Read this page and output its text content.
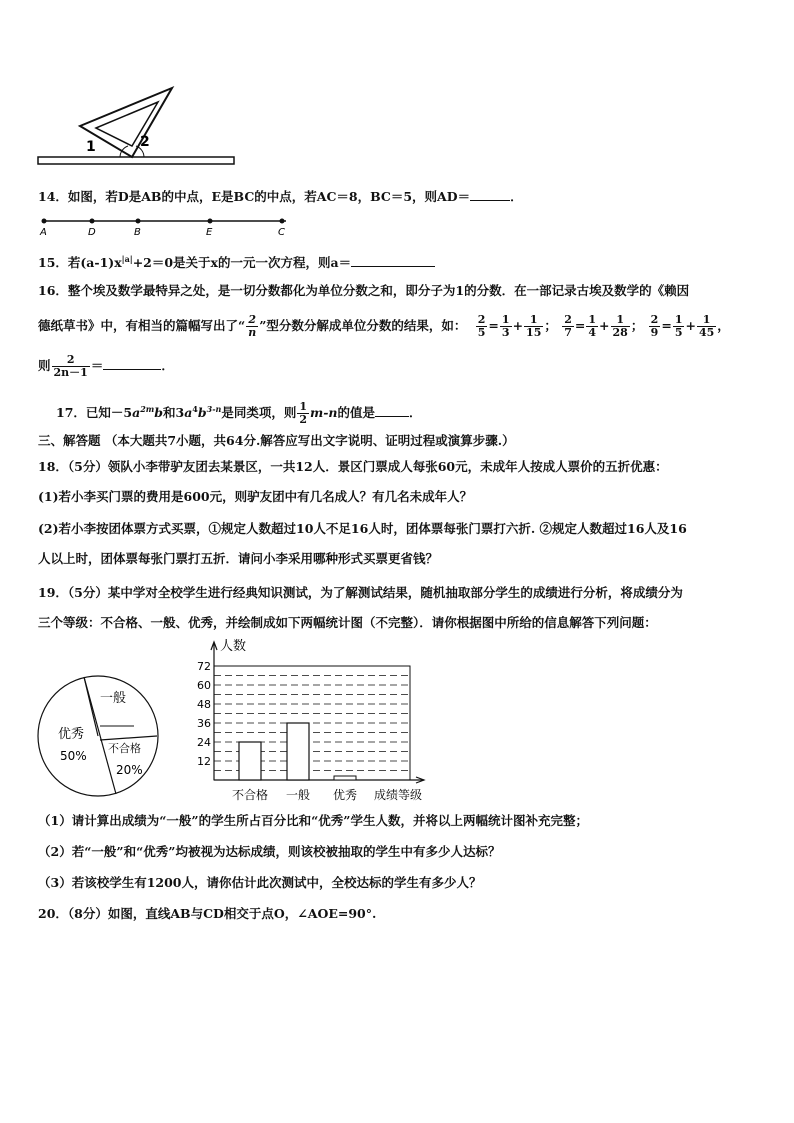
1	2
14．如图，若D是AB的中点，E是BC的中点，若AC＝8，BC＝5，则AD＝	．
A	D	B	E	C
15．若$(a-1)x^{|a|}+2=0$是关于x的一元一次方程，则a＝
16．整个埃及数学最特异之处，是一切分数都化为单位分数之和，即分子为1的分数．在一部记录古埃及数学的《赖因
德纸草书》中，有相当的篇幅写出了“ $\frac{2}{n}$ ”型分数分解成单位分数的结果，如： $\frac{2}{5} = \frac{1}{3} + \frac{1}{15}$ ； $\frac{2}{7} = \frac{1}{4} + \frac{1}{28}$ ； $\frac{2}{9} = \frac{1}{5} + \frac{1}{45}$ ，
则 $\frac{2}{2n-1}$ ＝	．
17．已知$-5a^{2m}b$和$3a^4b^{3-n}$是同类项，则 $\frac{1}{2} m-n$的值是	．
三、解答题 （本大题共7小题，共64分.解答应写出文字说明、证明过程或演算步骤.）
18．（5分）领队小李带驴友团去某景区，一共12人．景区门票成人每张60元，未成年人按成人票价的五折优惠：
(1)若小李买门票的费用是600元，则驴友团中有几名成人？有几名未成年人？
(2)若小李按团体票方式买票，①规定人数超过10人不足16人时，团体票每张门票打六折. ②规定人数超过16人及16
人以上时，团体票每张门票打五折．请问小李采用哪种形式买票更省钱？
19．（5分）某中学对全校学生进行经典知识测试，为了解测试结果，随机抽取部分学生的成绩进行分析，将成绩分为
三个等级：不合格、一般、优秀，并绘制成如下两幅统计图（不完整）．请你根据图中所给的信息解答下列问题：
一般
优秀
50%
不合格
20%
12
24
36
48
60
72
不合格 一般 优秀
人数
成绩等级
（1）请计算出成绩为“一般”的学生所占百分比和“优秀”学生人数，并将以上两幅统计图补充完整；
（2）若“一般”和“优秀”均被视为达标成绩，则该校被抽取的学生中有多少人达标？
（3）若该校学生有1200人，请你估计此次测试中，全校达标的学生有多少人？
20．（8分）如图，直线AB与CD相交于点O，∠AOE=90°.
